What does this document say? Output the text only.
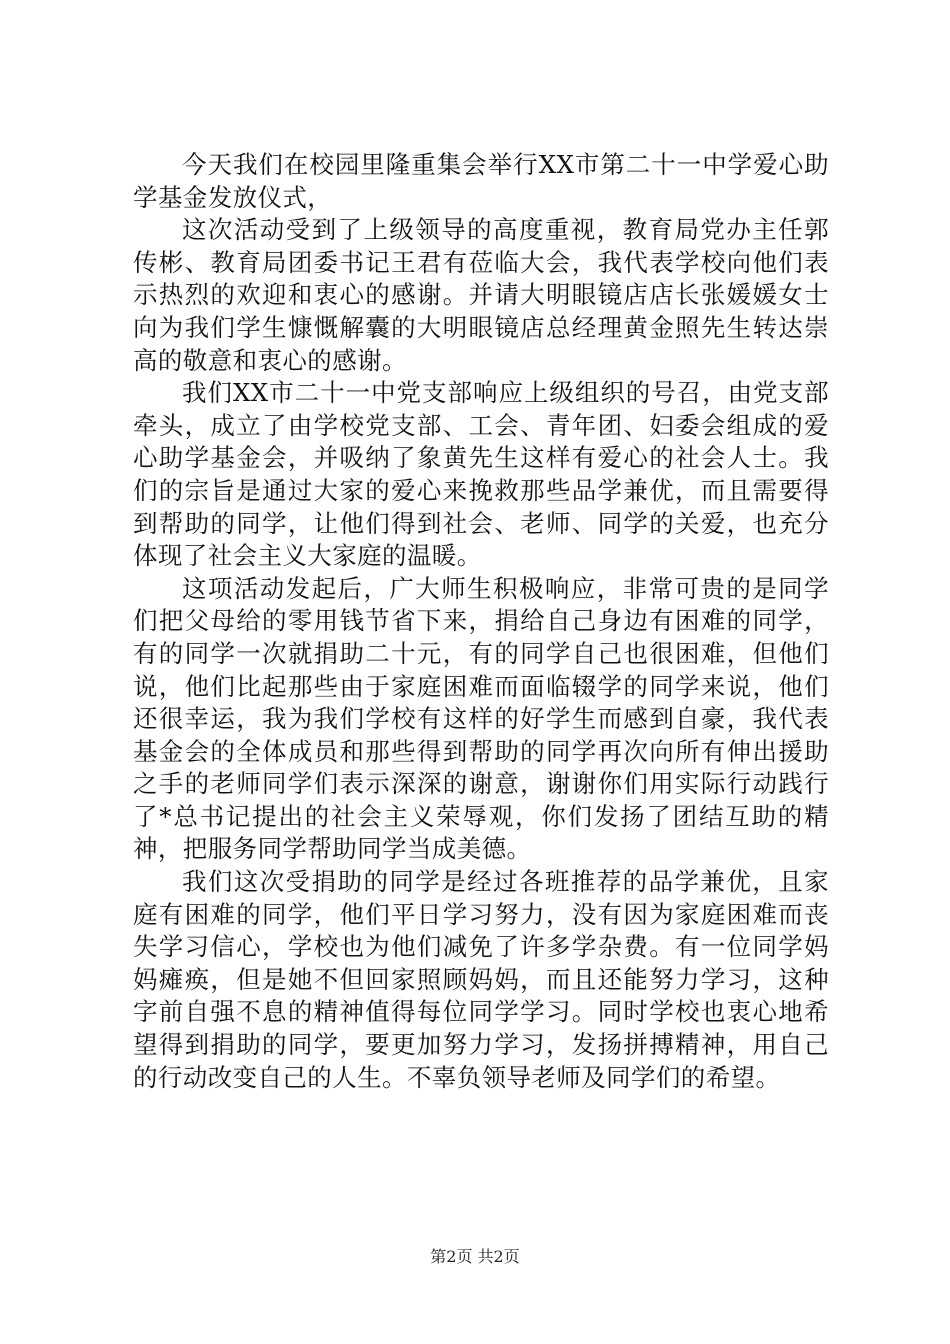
今天我们在校园里隆重集会举行XX市第二十一中学爱心助学基金发放仪式，

这次活动受到了上级领导的高度重视，教育局党办主任郭传彬、教育局团委书记王君有莅临大会，我代表学校向他们表示热烈的欢迎和衷心的感谢。并请大明眼镜店店长张媛媛女士向为我们学生慷慨解囊的大明眼镜店总经理黄金照先生转达崇高的敬意和衷心的感谢。

我们XX市二十一中党支部响应上级组织的号召，由党支部牵头，成立了由学校党支部、工会、青年团、妇委会组成的爱心助学基金会，并吸纳了象黄先生这样有爱心的社会人士。我们的宗旨是通过大家的爱心来挽救那些品学兼优，而且需要得到帮助的同学，让他们得到社会、老师、同学的关爱，也充分体现了社会主义大家庭的温暖。

这项活动发起后，广大师生积极响应，非常可贵的是同学们把父母给的零用钱节省下来，捐给自己身边有困难的同学，有的同学一次就捐助二十元，有的同学自己也很困难，但他们说，他们比起那些由于家庭困难而面临辍学的同学来说，他们还很幸运，我为我们学校有这样的好学生而感到自豪，我代表基金会的全体成员和那些得到帮助的同学再次向所有伸出援助之手的老师同学们表示深深的谢意，谢谢你们用实际行动践行了*总书记提出的社会主义荣辱观，你们发扬了团结互助的精神，把服务同学帮助同学当成美德。

我们这次受捐助的同学是经过各班推荐的品学兼优，且家庭有困难的同学，他们平日学习努力，没有因为家庭困难而丧失学习信心，学校也为他们减免了许多学杂费。有一位同学妈妈瘫痪，但是她不但回家照顾妈妈，而且还能努力学习，这种字前自强不息的精神值得每位同学学习。同时学校也衷心地希望得到捐助的同学，要更加努力学习，发扬拼搏精神，用自己的行动改变自己的人生。不辜负领导老师及同学们的希望。

第2页 共2页
